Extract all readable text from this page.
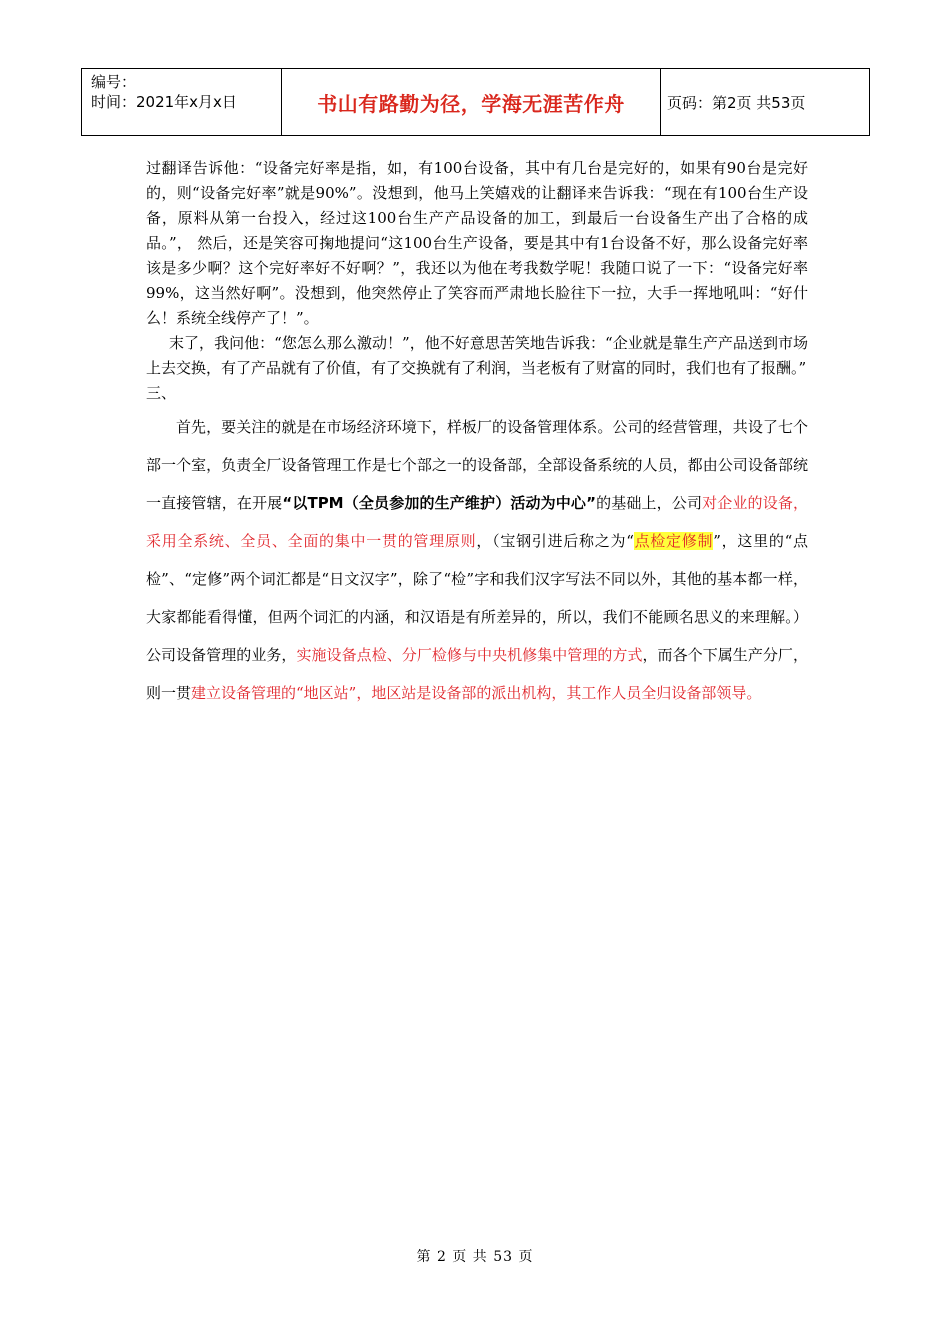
编号：
时间：2021年x月x日	书山有路勤为径，学海无涯苦作舟	页码：第2页 共53页

过翻译告诉他：“设备完好率是指，如，有100台设备，其中有几台是完好的，如果有90台是完好的，则“设备完好率”就是90%”。没想到，他马上笑嬉戏的让翻译来告诉我：“现在有100台生产设备，原料从第一台投入，经过这100台生产产品设备的加工，到最后一台设备生产出了合格的成品。”， 然后，还是笑容可掬地提问“这100台生产设备，要是其中有1台设备不好，那么设备完好率该是多少啊？这个完好率好不好啊？”，我还以为他在考我数学呢！我随口说了一下：“设备完好率99%，这当然好啊”。没想到，他突然停止了笑容而严肃地长脸往下一拉，大手一挥地吼叫：“好什么！系统全线停产了！”。

末了，我问他：“您怎么那么激动！”，他不好意思苦笑地告诉我：“企业就是靠生产产品送到市场上去交换，有了产品就有了价值，有了交换就有了利润，当老板有了财富的同时，我们也有了报酬。”

三、

首先，要关注的就是在市场经济环境下，样板厂的设备管理体系。公司的经营管理，共设了七个部一个室，负责全厂设备管理工作是七个部之一的设备部，全部设备系统的人员，都由公司设备部统一直接管辖，在开展“以TPM（全员参加的生产维护）活动为中心”的基础上，公司对企业的设备，采用全系统、全员、全面的集中一贯的管理原则，（宝钢引进后称之为“点检定修制”，这里的“点检”、“定修”两个词汇都是“日文汉字”，除了“检”字和我们汉字写法不同以外，其他的基本都一样，大家都能看得懂，但两个词汇的内涵，和汉语是有所差异的，所以，我们不能顾名思义的来理解。）公司设备管理的业务，实施设备点检、分厂检修与中央机修集中管理的方式，而各个下属生产分厂，则一贯建立设备管理的“地区站”，地区站是设备部的派出机构，其工作人员全归设备部领导。

第 2 页 共 53 页
